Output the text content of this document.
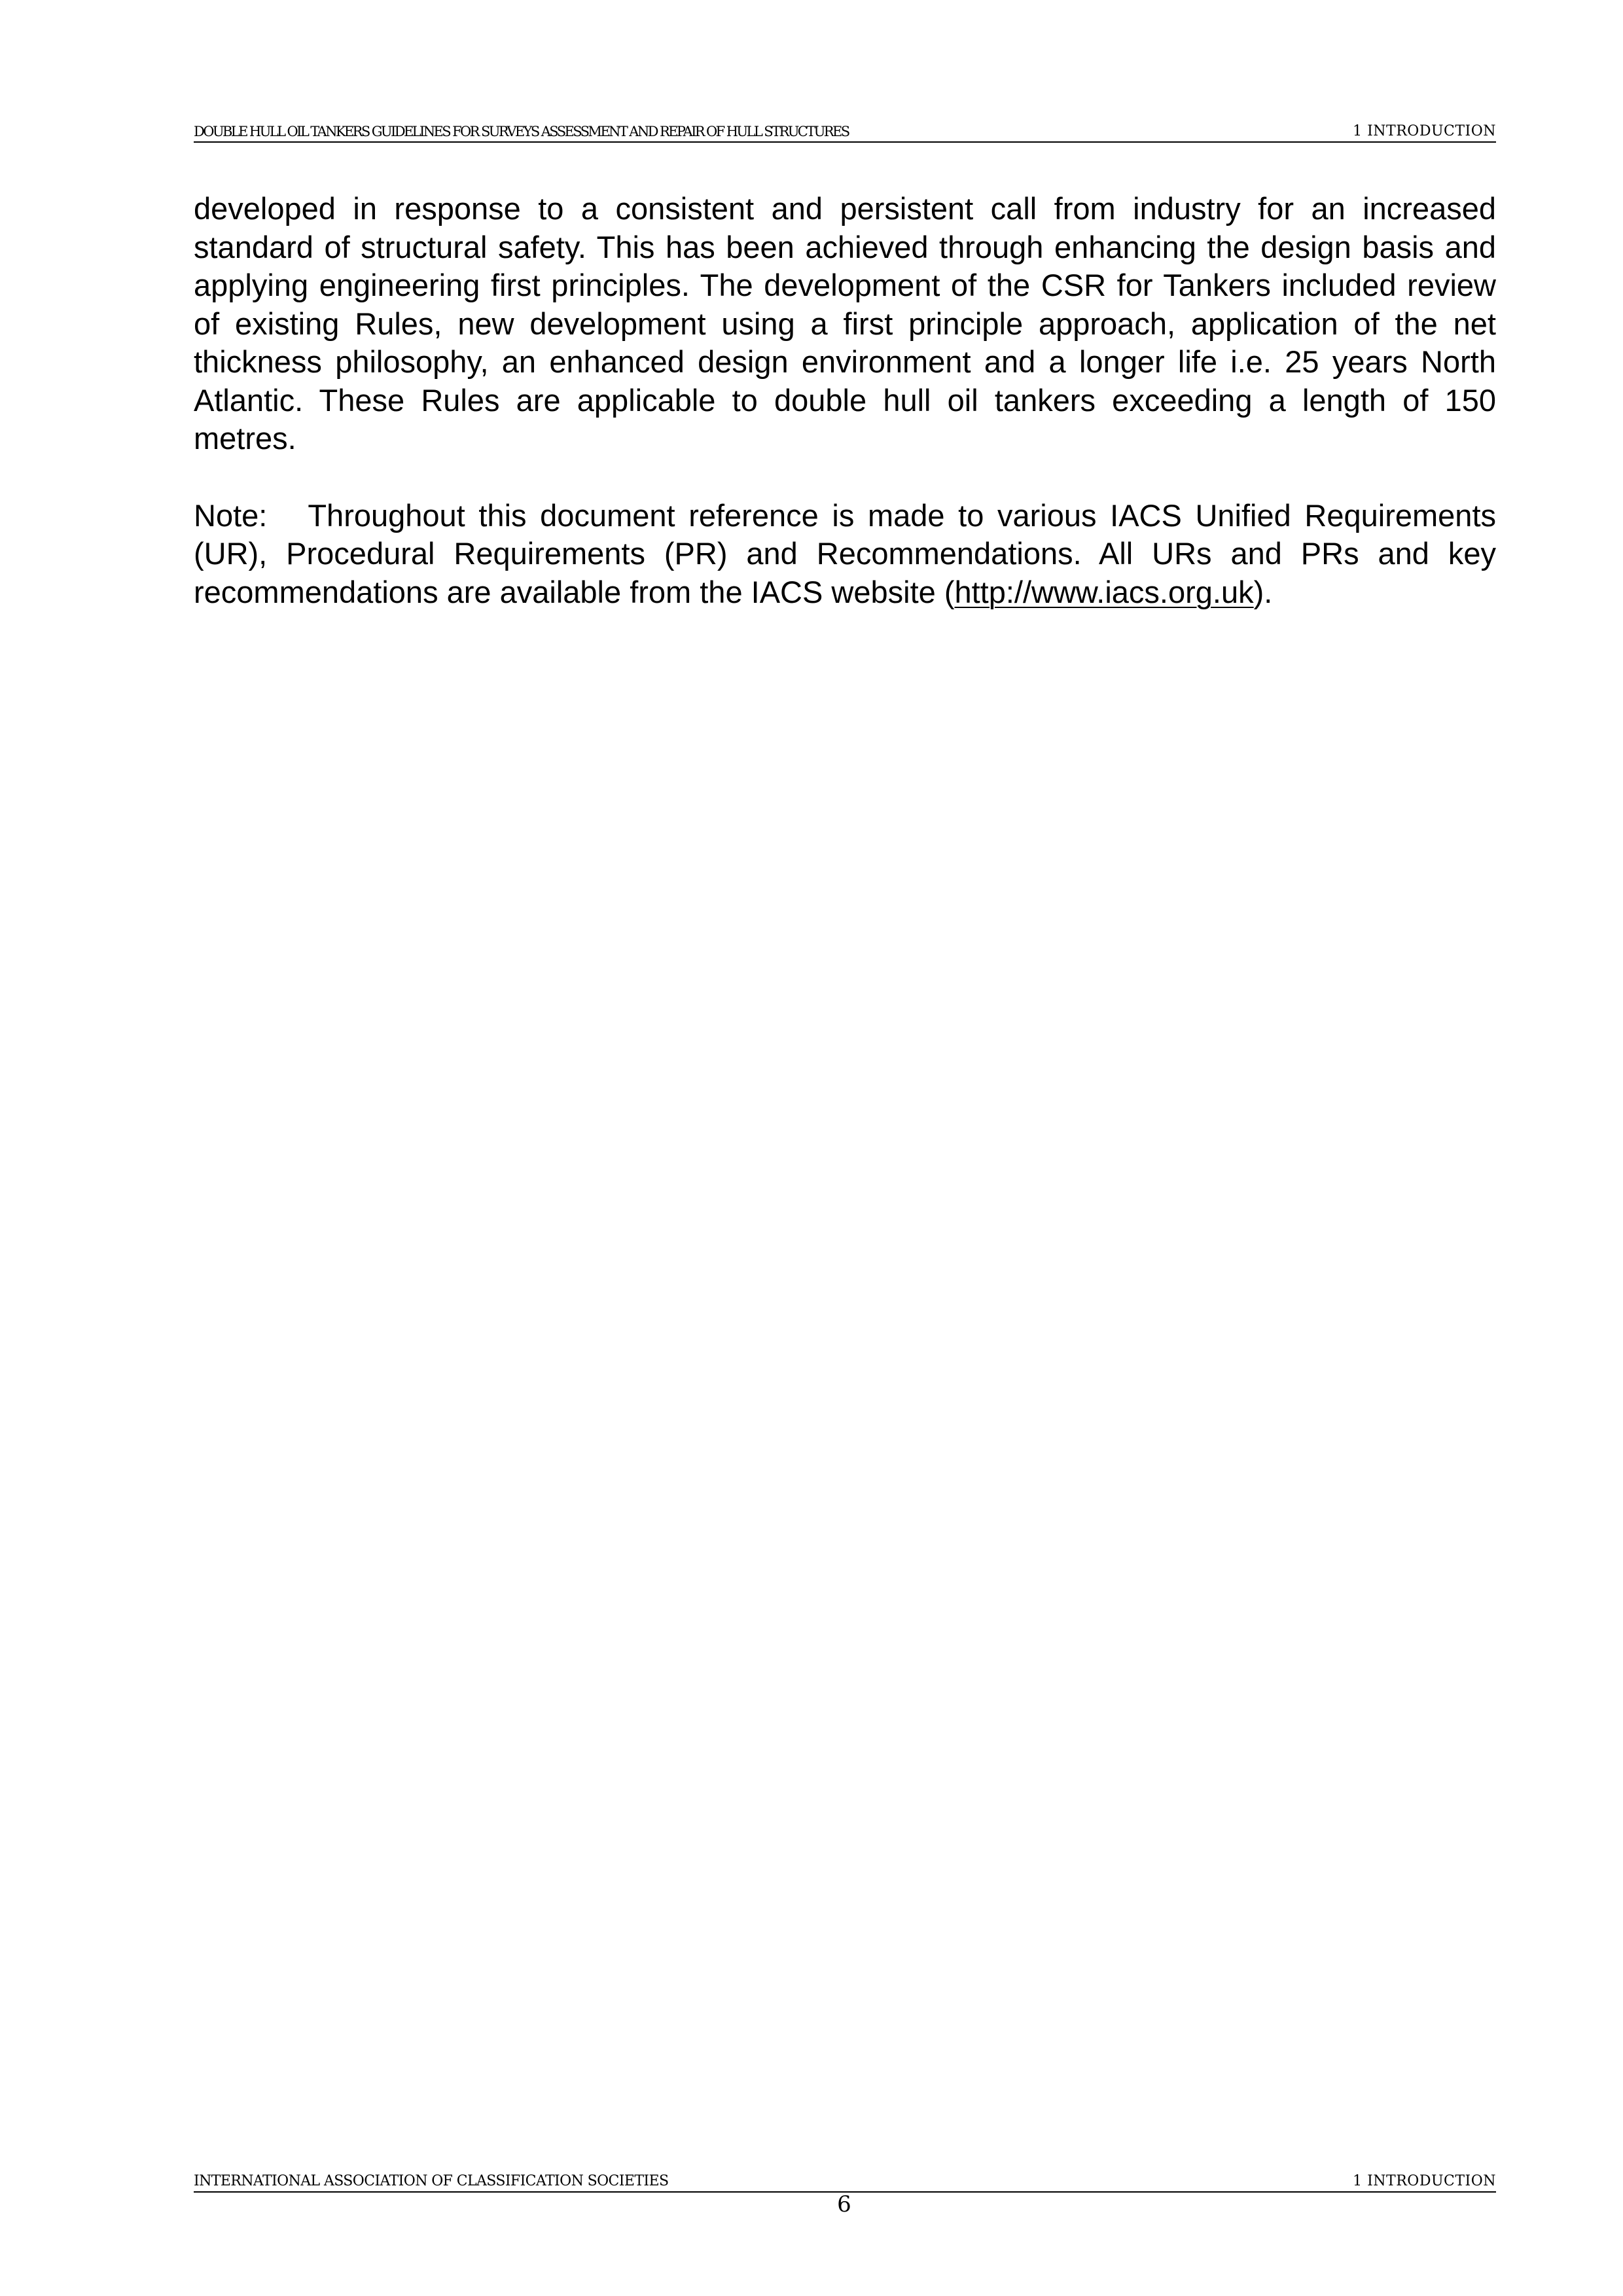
DOUBLE HULL OIL TANKERS GUIDELINES FOR SURVEYS ASSESSMENT AND REPAIR OF HULL STRUCTURES	1 INTRODUCTION

developed in response to a consistent and persistent call from industry for an increased standard of structural safety. This has been achieved through enhancing the design basis and applying engineering first principles. The development of the CSR for Tankers included review of existing Rules, new development using a first principle approach, application of the net thickness philosophy, an enhanced design environment and a longer life i.e. 25 years North Atlantic. These Rules are applicable to double hull oil tankers exceeding a length of 150 metres.

Note: Throughout this document reference is made to various IACS Unified Requirements (UR), Procedural Requirements (PR) and Recommendations. All URs and PRs and key recommendations are available from the IACS website (http://www.iacs.org.uk).

INTERNATIONAL ASSOCIATION OF CLASSIFICATION SOCIETIES	1 INTRODUCTION
6
